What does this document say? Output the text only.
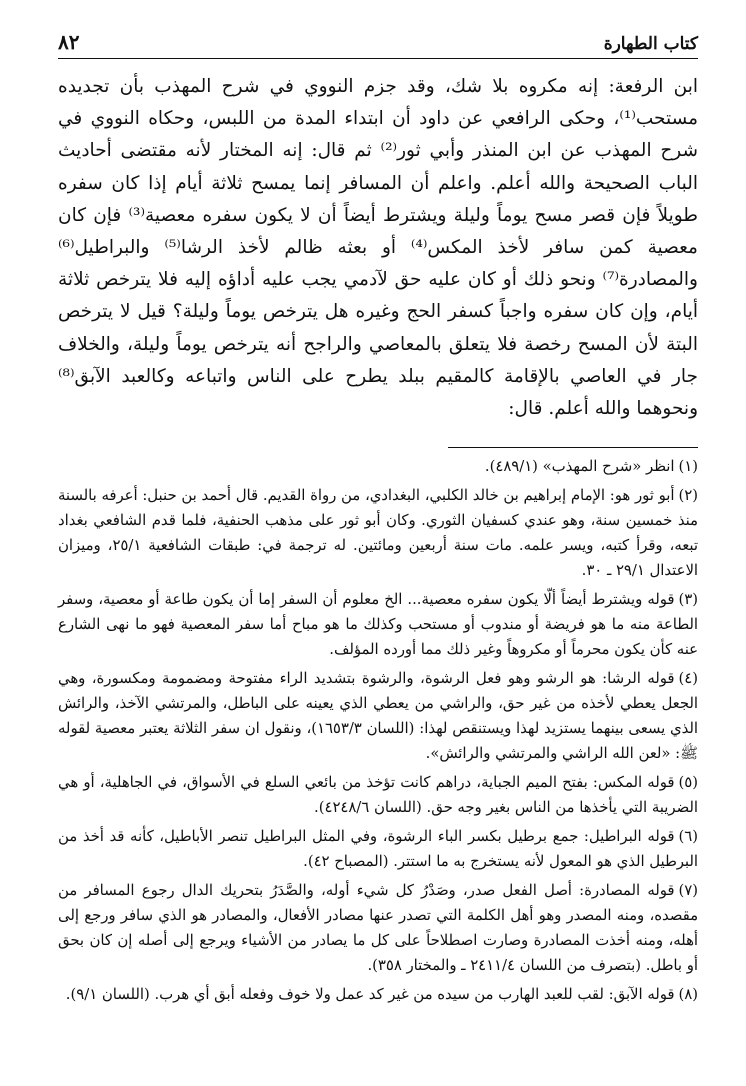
كتاب الطهارة
٨٢

ابن الرفعة: إنه مكروه بلا شك، وقد جزم النووي في شرح المهذب بأن تجديده مستحب⁽¹⁾، وحكى الرافعي عن داود أن ابتداء المدة من اللبس، وحكاه النووي في شرح المهذب عن ابن المنذر وأبي ثور⁽²⁾ ثم قال: إنه المختار لأنه مقتضى أحاديث الباب الصحيحة والله أعلم. واعلم أن المسافر إنما يمسح ثلاثة أيام إذا كان سفره طويلاً فإن قصر مسح يوماً وليلة ويشترط أيضاً أن لا يكون سفره معصية⁽³⁾ فإن كان معصية كمن سافر لأخذ المكس⁽⁴⁾ أو بعثه ظالم لأخذ الرشا⁽⁵⁾ والبراطيل⁽⁶⁾ والمصادرة⁽⁷⁾ ونحو ذلك أو كان عليه حق لآدمي يجب عليه أداؤه إليه فلا يترخص ثلاثة أيام، وإن كان سفره واجباً كسفر الحج وغيره هل يترخص يوماً وليلة؟ قيل لا يترخص البتة لأن المسح رخصة فلا يتعلق بالمعاصي والراجح أنه يترخص يوماً وليلة، والخلاف جار في العاصي بالإقامة كالمقيم ببلد يطرح على الناس واتباعه وكالعبد الآبق⁽⁸⁾ ونحوهما والله أعلم. قال:

(١)انظر «شرح المهذب» (٤٨٩/١).

(٢)أبو ثور هو: الإمام إبراهيم بن خالد الكلبي، البغدادي، من رواة القديم. قال أحمد بن حنبل: أعرفه بالسنة منذ خمسين سنة، وهو عندي كسفيان الثوري. وكان أبو ثور على مذهب الحنفية، فلما قدم الشافعي بغداد تبعه، وقرأ كتبه، ويسر علمه. مات سنة أربعين ومائتين. له ترجمة في: طبقات الشافعية ٢٥/١، وميزان الاعتدال ٢٩/١ ـ ٣٠.

(٣)قوله ويشترط أيضاً ألّا يكون سفره معصية... الخ معلوم أن السفر إما أن يكون طاعة أو معصية، وسفر الطاعة منه ما هو فريضة أو مندوب أو مستحب وكذلك ما هو مباح أما سفر المعصية فهو ما نهى الشارع عنه كأن يكون محرماً أو مكروهاً وغير ذلك مما أورده المؤلف.

(٤)قوله الرشا: هو الرشو وهو فعل الرشوة، والرشوة بتشديد الراء مفتوحة ومضمومة ومكسورة، وهي الجعل يعطي لأخذه من غير حق، والراشي من يعطي الذي يعينه على الباطل، والمرتشي الآخذ، والرائش الذي يسعى بينهما يستزيد لهذا ويستنقص لهذا: (اللسان ١٦٥٣/٣)، ونقول ان سفر الثلاثة يعتبر معصية لقوله ﷺ: «لعن الله الراشي والمرتشي والرائش».

(٥)قوله المكس: بفتح الميم الجباية، دراهم كانت تؤخذ من بائعي السلع في الأسواق، في الجاهلية، أو هي الضريبة التي يأخذها من الناس بغير وجه حق. (اللسان ٤٢٤٨/٦).

(٦)قوله البراطيل: جمع برطيل بكسر الباء الرشوة، وفي المثل البراطيل تنصر الأباطيل، كأنه قد أخذ من البرطيل الذي هو المعول لأنه يستخرج به ما استتر. (المصباح ٤٢).

(٧)قوله المصادرة: أصل الفعل صدر، وصَدْرُ كل شيء أوله، والصَّدَرُ بتحريك الدال رجوع المسافر من مقصده، ومنه المصدر وهو أهل الكلمة التي تصدر عنها مصادر الأفعال، والمصادر هو الذي سافر ورجع إلى أهله، ومنه أخذت المصادرة وصارت اصطلاحاً على كل ما يصادر من الأشياء ويرجع إلى أصله إن كان بحق أو باطل. (بتصرف من اللسان ٢٤١١/٤ ـ والمختار ٣٥٨).

(٨)قوله الآبق: لقب للعبد الهارب من سيده من غير كد عمل ولا خوف وفعله أبق أي هرب. (اللسان ٩/١).
